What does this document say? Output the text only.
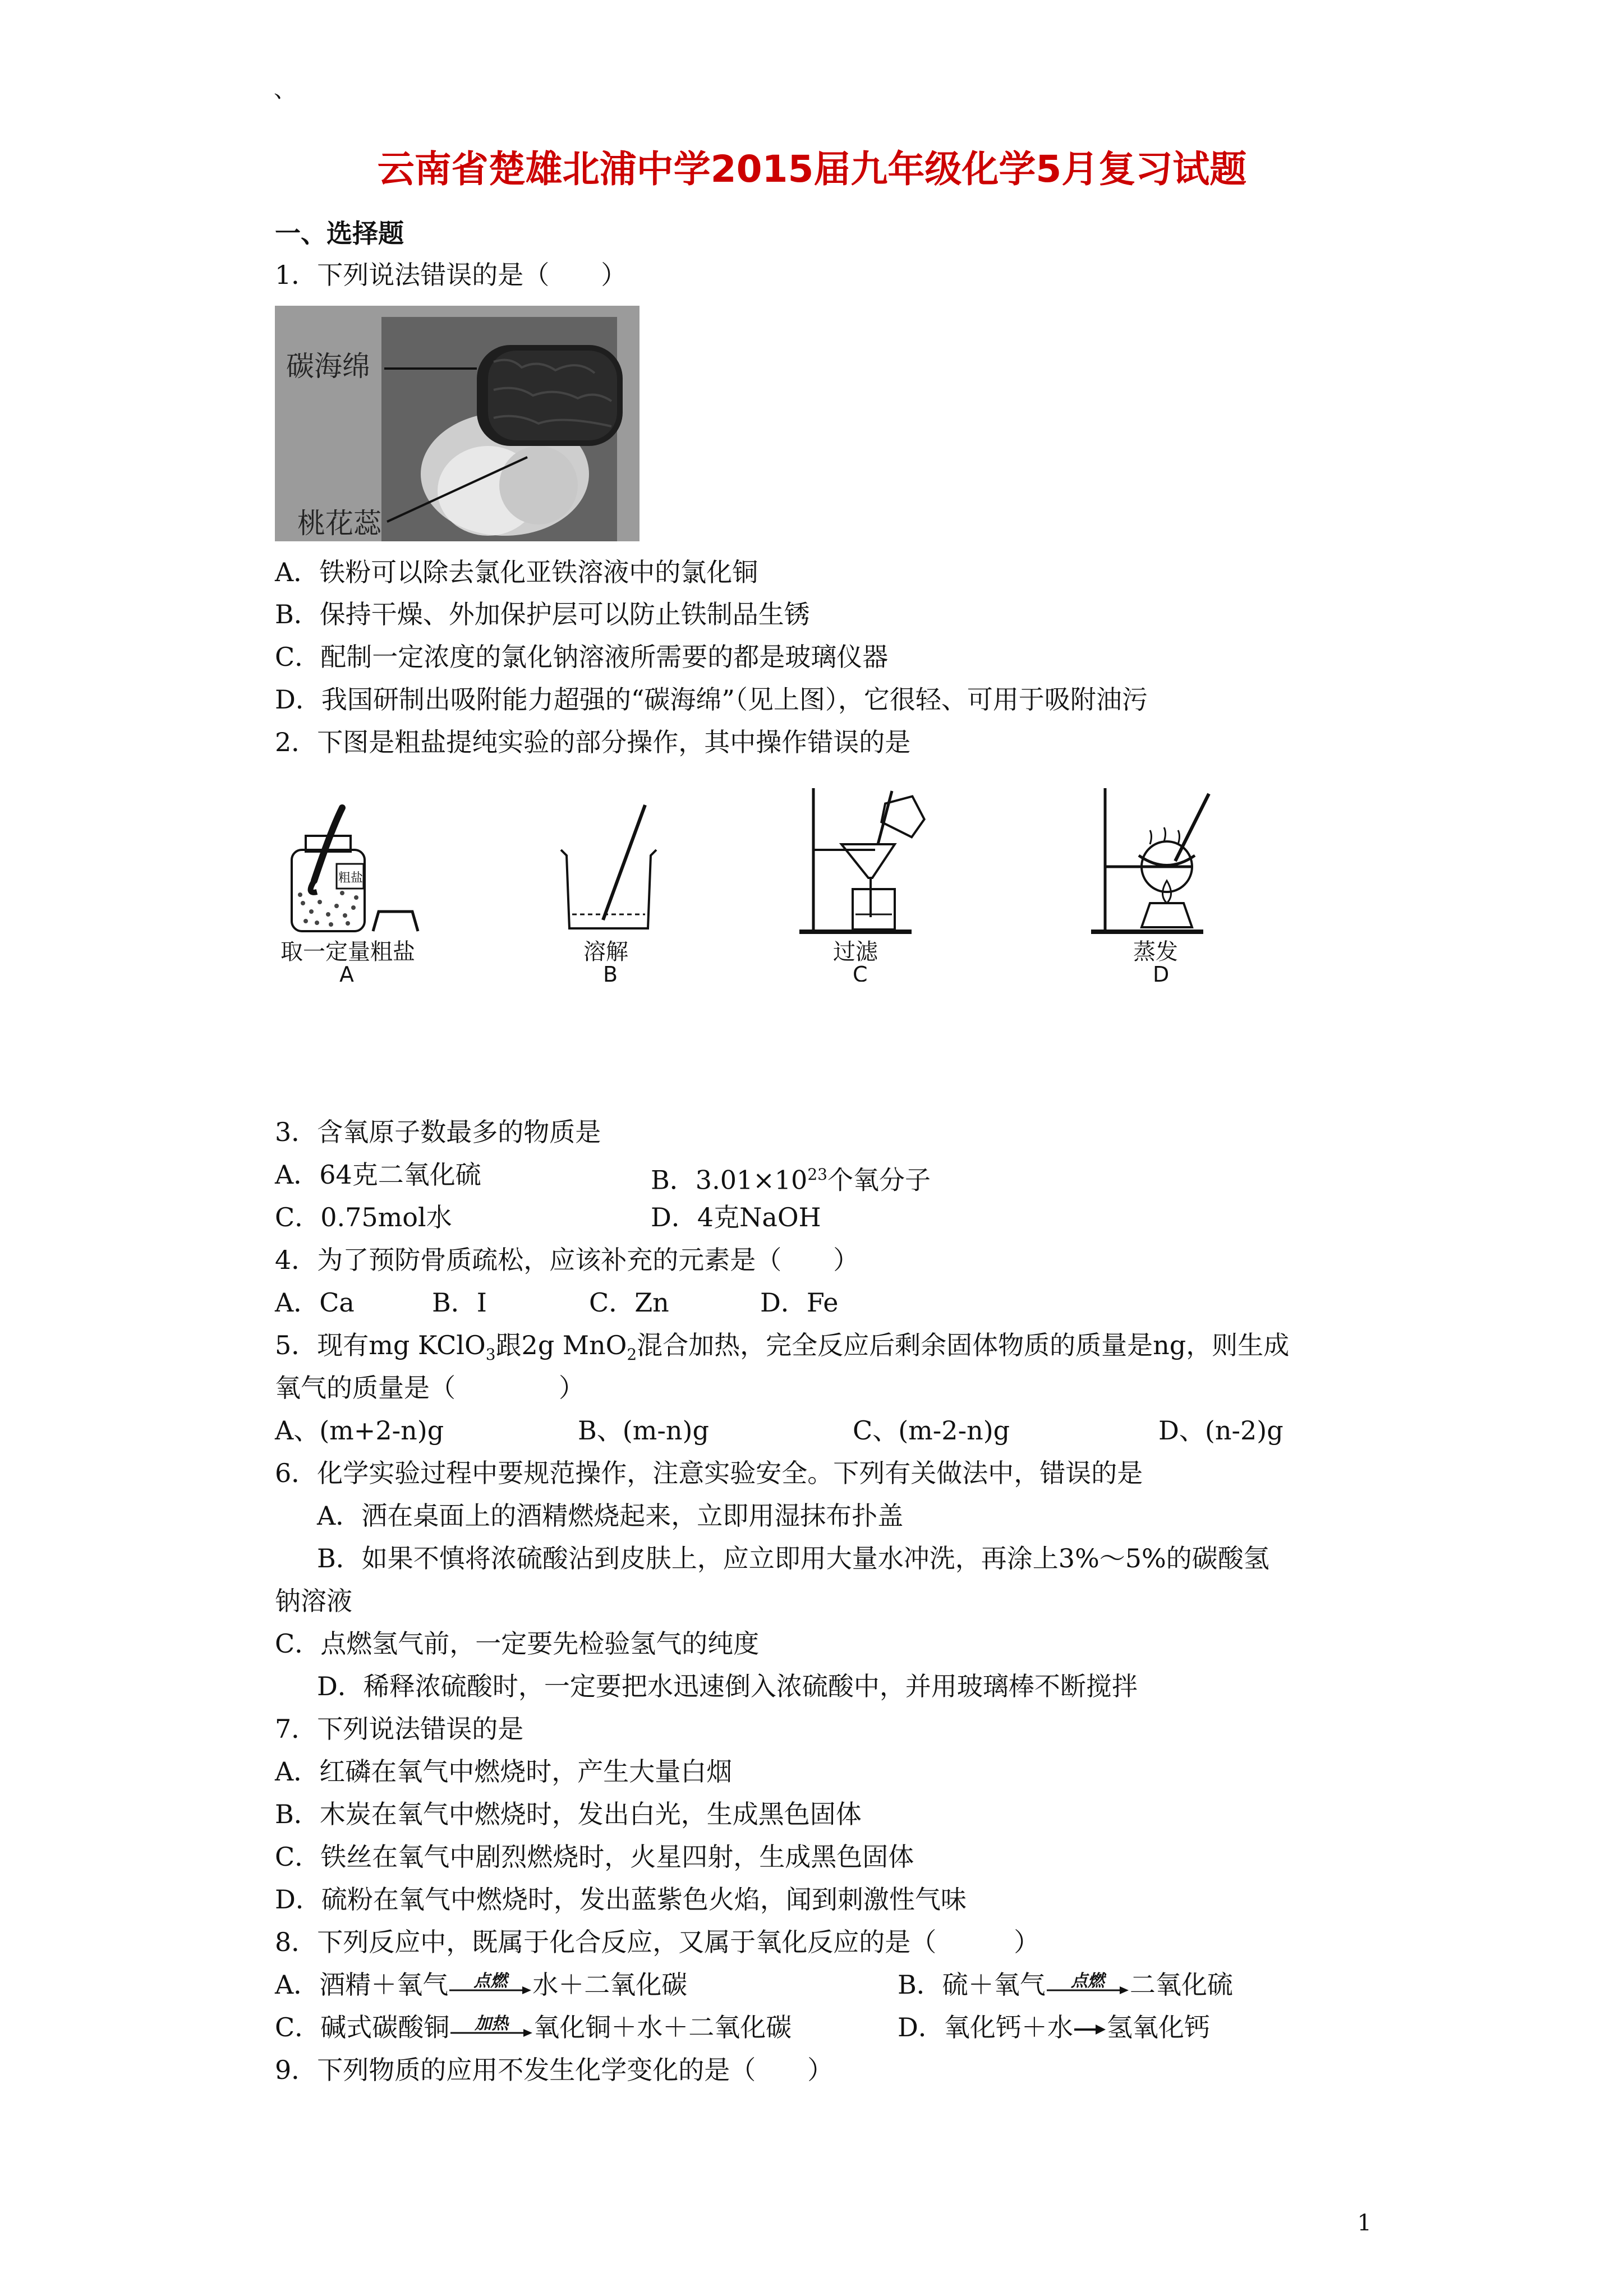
、
云南省楚雄北浦中学2015届九年级化学5月复习试题
一、选择题
1．下列说法错误的是（　　）
碳海绵
桃花蕊
A．铁粉可以除去氯化亚铁溶液中的氯化铜
B．保持干燥、外加保护层可以防止铁制品生锈
C．配制一定浓度的氯化钠溶液所需要的都是玻璃仪器
D．我国研制出吸附能力超强的“碳海绵”（见上图），它很轻、可用于吸附油污
2．下图是粗盐提纯实验的部分操作，其中操作错误的是
粗盐
取一定量粗盐
A
溶解
B
过滤
C
蒸发
D
3．含氧原子数最多的物质是
A．64克二氧化硫	B．$3.01\times 10^{23}$个氧分子
C．0.75mol水	D．4克NaOH
4．为了预防骨质疏松，应该补充的元素是（　　）
A．Ca	B．I	C．Zn	D．Fe
5．现有mg KClO$_3$跟2g MnO$_2$混合加热，完全反应后剩余固体物质的质量是ng，则生成
氧气的质量是（　　　　）
A、(m+2-n)g	B、(m-n)g	C、(m-2-n)g	D、(n-2)g
6．化学实验过程中要规范操作，注意实验安全。下列有关做法中，错误的是
A．洒在桌面上的酒精燃烧起来，立即用湿抹布扑盖
B．如果不慎将浓硫酸沾到皮肤上，应立即用大量水冲洗，再涂上3%～5%的碳酸氢
钠溶液
C．点燃氢气前，一定要先检验氢气的纯度
D．稀释浓硫酸时，一定要把水迅速倒入浓硫酸中，并用玻璃棒不断搅拌
7．下列说法错误的是
A．红磷在氧气中燃烧时，产生大量白烟
B．木炭在氧气中燃烧时，发出白光，生成黑色固体
C．铁丝在氧气中剧烈燃烧时，火星四射，生成黑色固体
D．硫粉在氧气中燃烧时，发出蓝紫色火焰，闻到刺激性气味
8．下列反应中，既属于化合反应，又属于氧化反应的是（　　　）
A．酒精＋氧气	点燃 水＋二氧化碳	B．硫＋氧气	点燃 二氧化硫
C．碱式碳酸铜	加热 氧化铜＋水＋二氧化碳	D．氧化钙＋水 氢氧化钙
9．下列物质的应用不发生化学变化的是（　　）
1
